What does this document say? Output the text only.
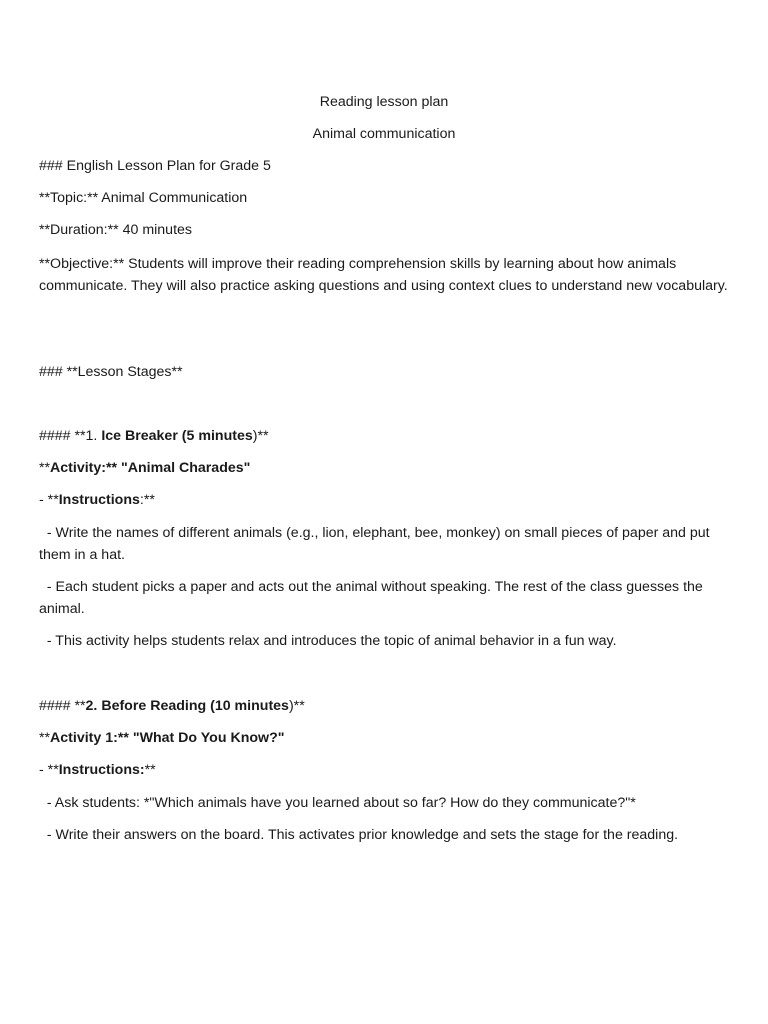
Reading lesson plan

Animal communication

### English Lesson Plan for Grade 5

**Topic:** Animal Communication

**Duration:** 40 minutes

**Objective:** Students will improve their reading comprehension skills by learning about how animals communicate. They will also practice asking questions and using context clues to understand new vocabulary.

### **Lesson Stages**

#### **1. Ice Breaker (5 minutes)**

**Activity:** "Animal Charades"

- **Instructions:**

- Write the names of different animals (e.g., lion, elephant, bee, monkey) on small pieces of paper and put them in a hat.

- Each student picks a paper and acts out the animal without speaking. The rest of the class guesses the animal.

- This activity helps students relax and introduces the topic of animal behavior in a fun way.

#### **2. Before Reading (10 minutes)**

**Activity 1:** "What Do You Know?"

- **Instructions:**

- Ask students: *"Which animals have you learned about so far? How do they communicate?"*

- Write their answers on the board. This activates prior knowledge and sets the stage for the reading.
